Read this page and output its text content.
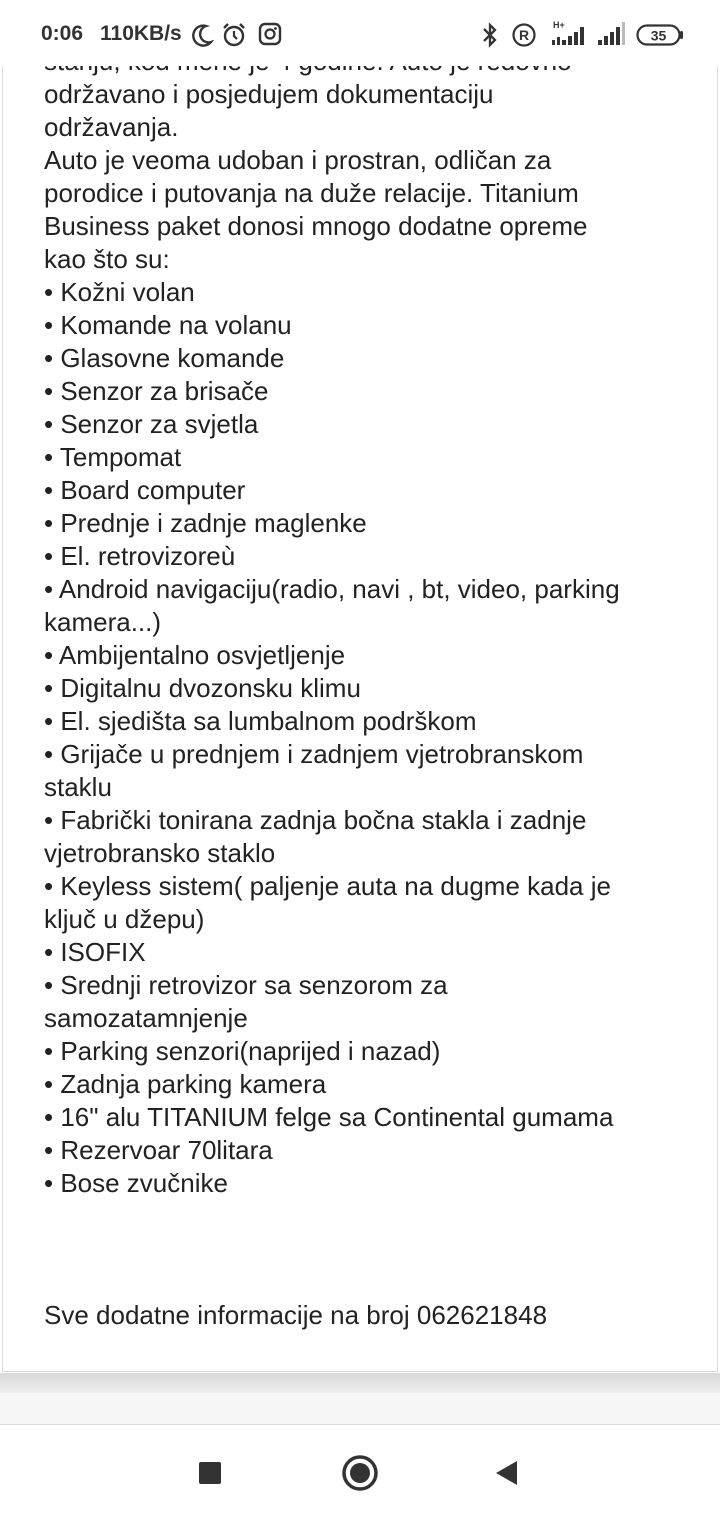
održavano i posjedujem dokumentaciju
održavanja.
Auto je veoma udoban i prostran, odličan za
porodice i putovanja na duže relacije. Titanium
Business paket donosi mnogo dodatne opreme
kao što su:
• Kožni volan
• Komande na volanu
• Glasovne komande
• Senzor za brisače
• Senzor za svjetla
• Tempomat
• Board computer
• Prednje i zadnje maglenke
• El. retrovizoreù
• Android navigaciju(radio, navi , bt, video, parking
kamera...)
• Ambijentalno osvjetljenje
• Digitalnu dvozonsku klimu
• El. sjedišta sa lumbalnom podrškom
• Grijače u prednjem i zadnjem vjetrobranskom
staklu
• Fabrički tonirana zadnja bočna stakla i zadnje
vjetrobransko staklo
• Keyless sistem( paljenje auta na dugme kada je
ključ u džepu)
• ISOFIX
• Srednji retrovizor sa senzorom za
samozatamnjenje
• Parking senzori(naprijed i nazad)
• Zadnja parking kamera
• 16" alu TITANIUM felge sa Continental gumama
• Rezervoar 70litara
• Bose zvučnike
Sve dodatne informacije na broj 062621848
0:06 110KB/s	R
H+
35
